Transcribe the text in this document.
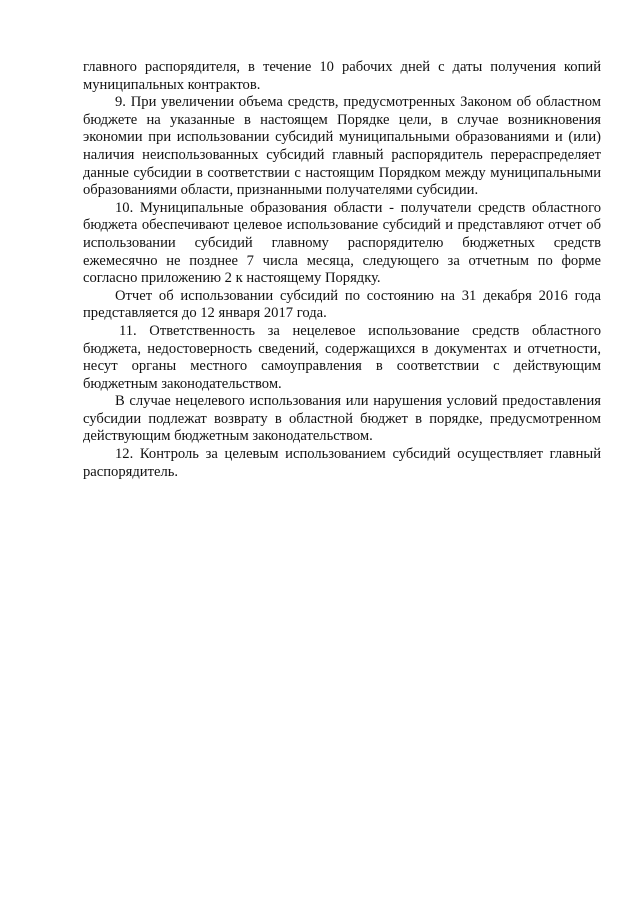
главного распорядителя, в течение 10 рабочих дней с даты получения копий муниципальных контрактов.

9. При увеличении объема средств, предусмотренных Законом об областном бюджете на указанные в настоящем Порядке цели, в случае возникновения экономии при использовании субсидий муниципальными образованиями и (или) наличия неиспользованных субсидий главный распорядитель перераспределяет данные субсидии в соответствии с настоящим Порядком между муниципальными образованиями области, признанными получателями субсидии.

10. Муниципальные образования области - получатели средств областного бюджета обеспечивают целевое использование субсидий и представляют отчет об использовании субсидий главному распорядителю бюджетных средств ежемесячно не позднее 7 числа месяца, следующего за отчетным по форме согласно приложению 2 к настоящему Порядку.

Отчет об использовании субсидий по состоянию на 31 декабря 2016 года представляется до 12 января 2017 года.

11. Ответственность за нецелевое использование средств областного бюджета, недостоверность сведений, содержащихся в документах и отчетности, несут органы местного самоуправления в соответствии с действующим бюджетным законодательством.

В случае нецелевого использования или нарушения условий предоставления субсидии подлежат возврату в областной бюджет в порядке, предусмотренном действующим бюджетным законодательством.

12. Контроль за целевым использованием субсидий осуществляет главный распорядитель.
